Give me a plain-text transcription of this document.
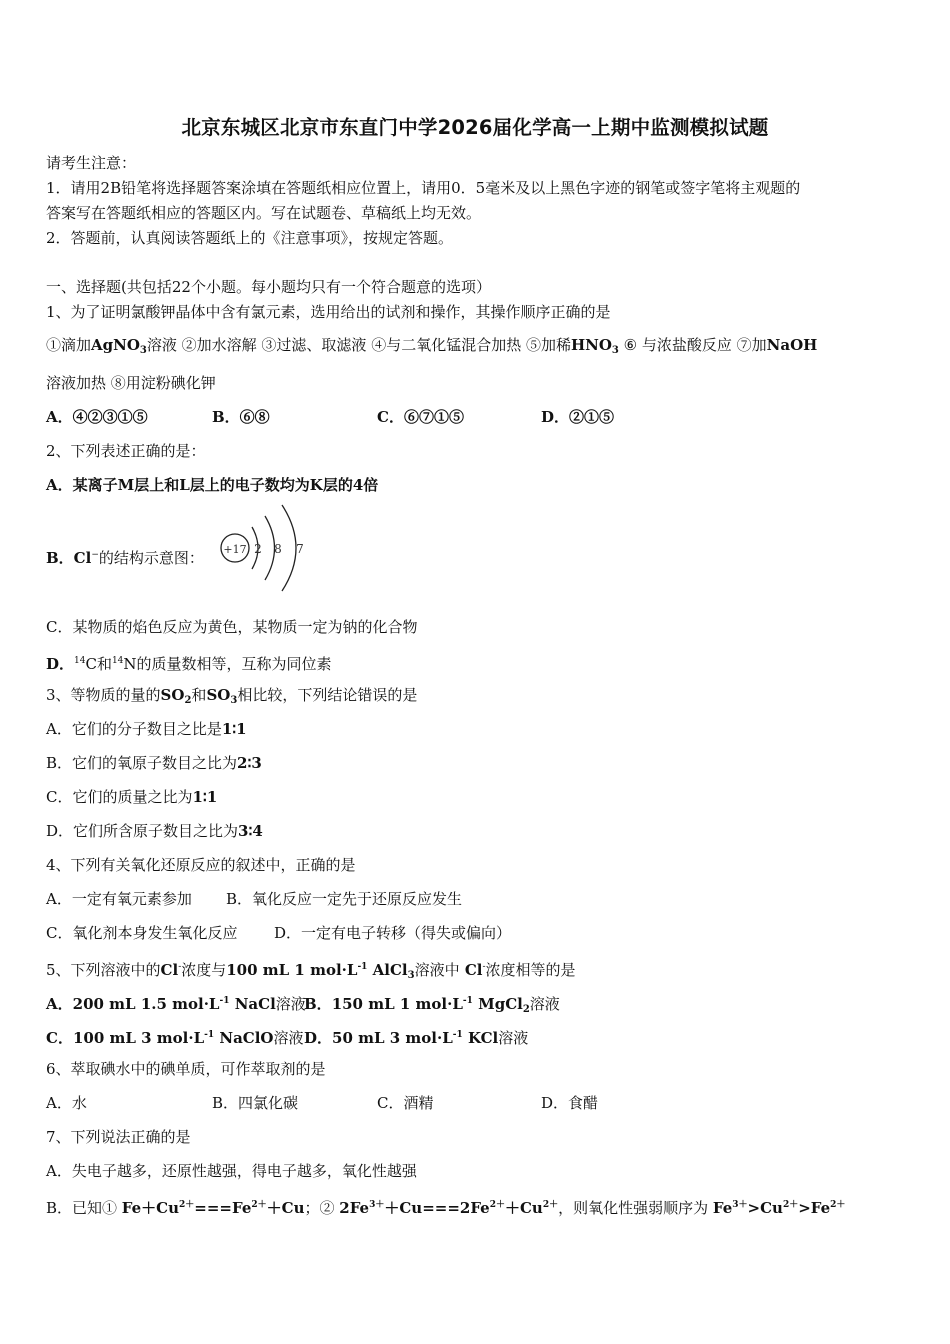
北京东城区北京市东直门中学2026届化学高一上期中监测模拟试题
请考生注意：
1．请用2B铅笔将选择题答案涂填在答题纸相应位置上，请用0．5毫米及以上黑色字迹的钢笔或签字笔将主观题的
答案写在答题纸相应的答题区内。写在试题卷、草稿纸上均无效。
2．答题前，认真阅读答题纸上的《注意事项》，按规定答题。
一、选择题(共包括22个小题。每小题均只有一个符合题意的选项）
1、为了证明氯酸钾晶体中含有氯元素，选用给出的试剂和操作，其操作顺序正确的是
①滴加AgNO$_3$溶液 ②加水溶解 ③过滤、取滤液 ④与二氧化锰混合加热 ⑤加稀$HNO_3$ ⑥ 与浓盐酸反应 ⑦加NaOH
溶液加热 ⑧用淀粉碘化钾
A．④②③①⑤	B．⑥⑧	C．⑥⑦①⑤	D．②①⑤
2、下列表述正确的是：
A．某离子M层上和L层上的电子数均为K层的4倍
B．Cl−的结构示意图： +17 2 8 7
C．某物质的焰色反应为黄色，某物质一定为钠的化合物
D．$^{14}$C和$^{14}$N的质量数相等，互称为同位素
3、等物质的量的$SO_2$和$SO_3$相比较，下列结论错误的是
A．它们的分子数目之比是1∶1
B．它们的氧原子数目之比为2∶3
C．它们的质量之比为1∶1
D．它们所含原子数目之比为3∶4
4、下列有关氧化还原反应的叙述中，正确的是
A．一定有氧元素参加 B．氧化反应一定先于还原反应发生
C．氧化剂本身发生氧化反应 D．一定有电子转移（得失或偏向）
5、下列溶液中的Cl-浓度与100 mL 1 $mol\cdot L^{-1}$ AlCl$_3$溶液中 Cl-浓度相等的是
A．200 mL 1.5 $mol\cdot L^{-1}$ NaCl溶液B．150 mL 1 $mol\cdot L^{-1}$ MgCl$_2$溶液
C．100 mL 3 $mol\cdot L^{-1}$ NaClO溶液D．50 mL 3 $mol\cdot L^{-1}$ KCl溶液
6、萃取碘水中的碘单质，可作萃取剂的是
A．水	B．四氯化碳	C．酒精	D．食醋
7、下列说法正确的是
A．失电子越多，还原性越强，得电子越多，氧化性越强
B．已知① $Fe+Cu^{2+}===Fe^{2+}+Cu$；② $2Fe^{3+}+Cu===2Fe^{2+}+Cu^{2+}$，则氧化性强弱顺序为 $Fe^{3+}>Cu^{2+}>Fe^{2+}$
